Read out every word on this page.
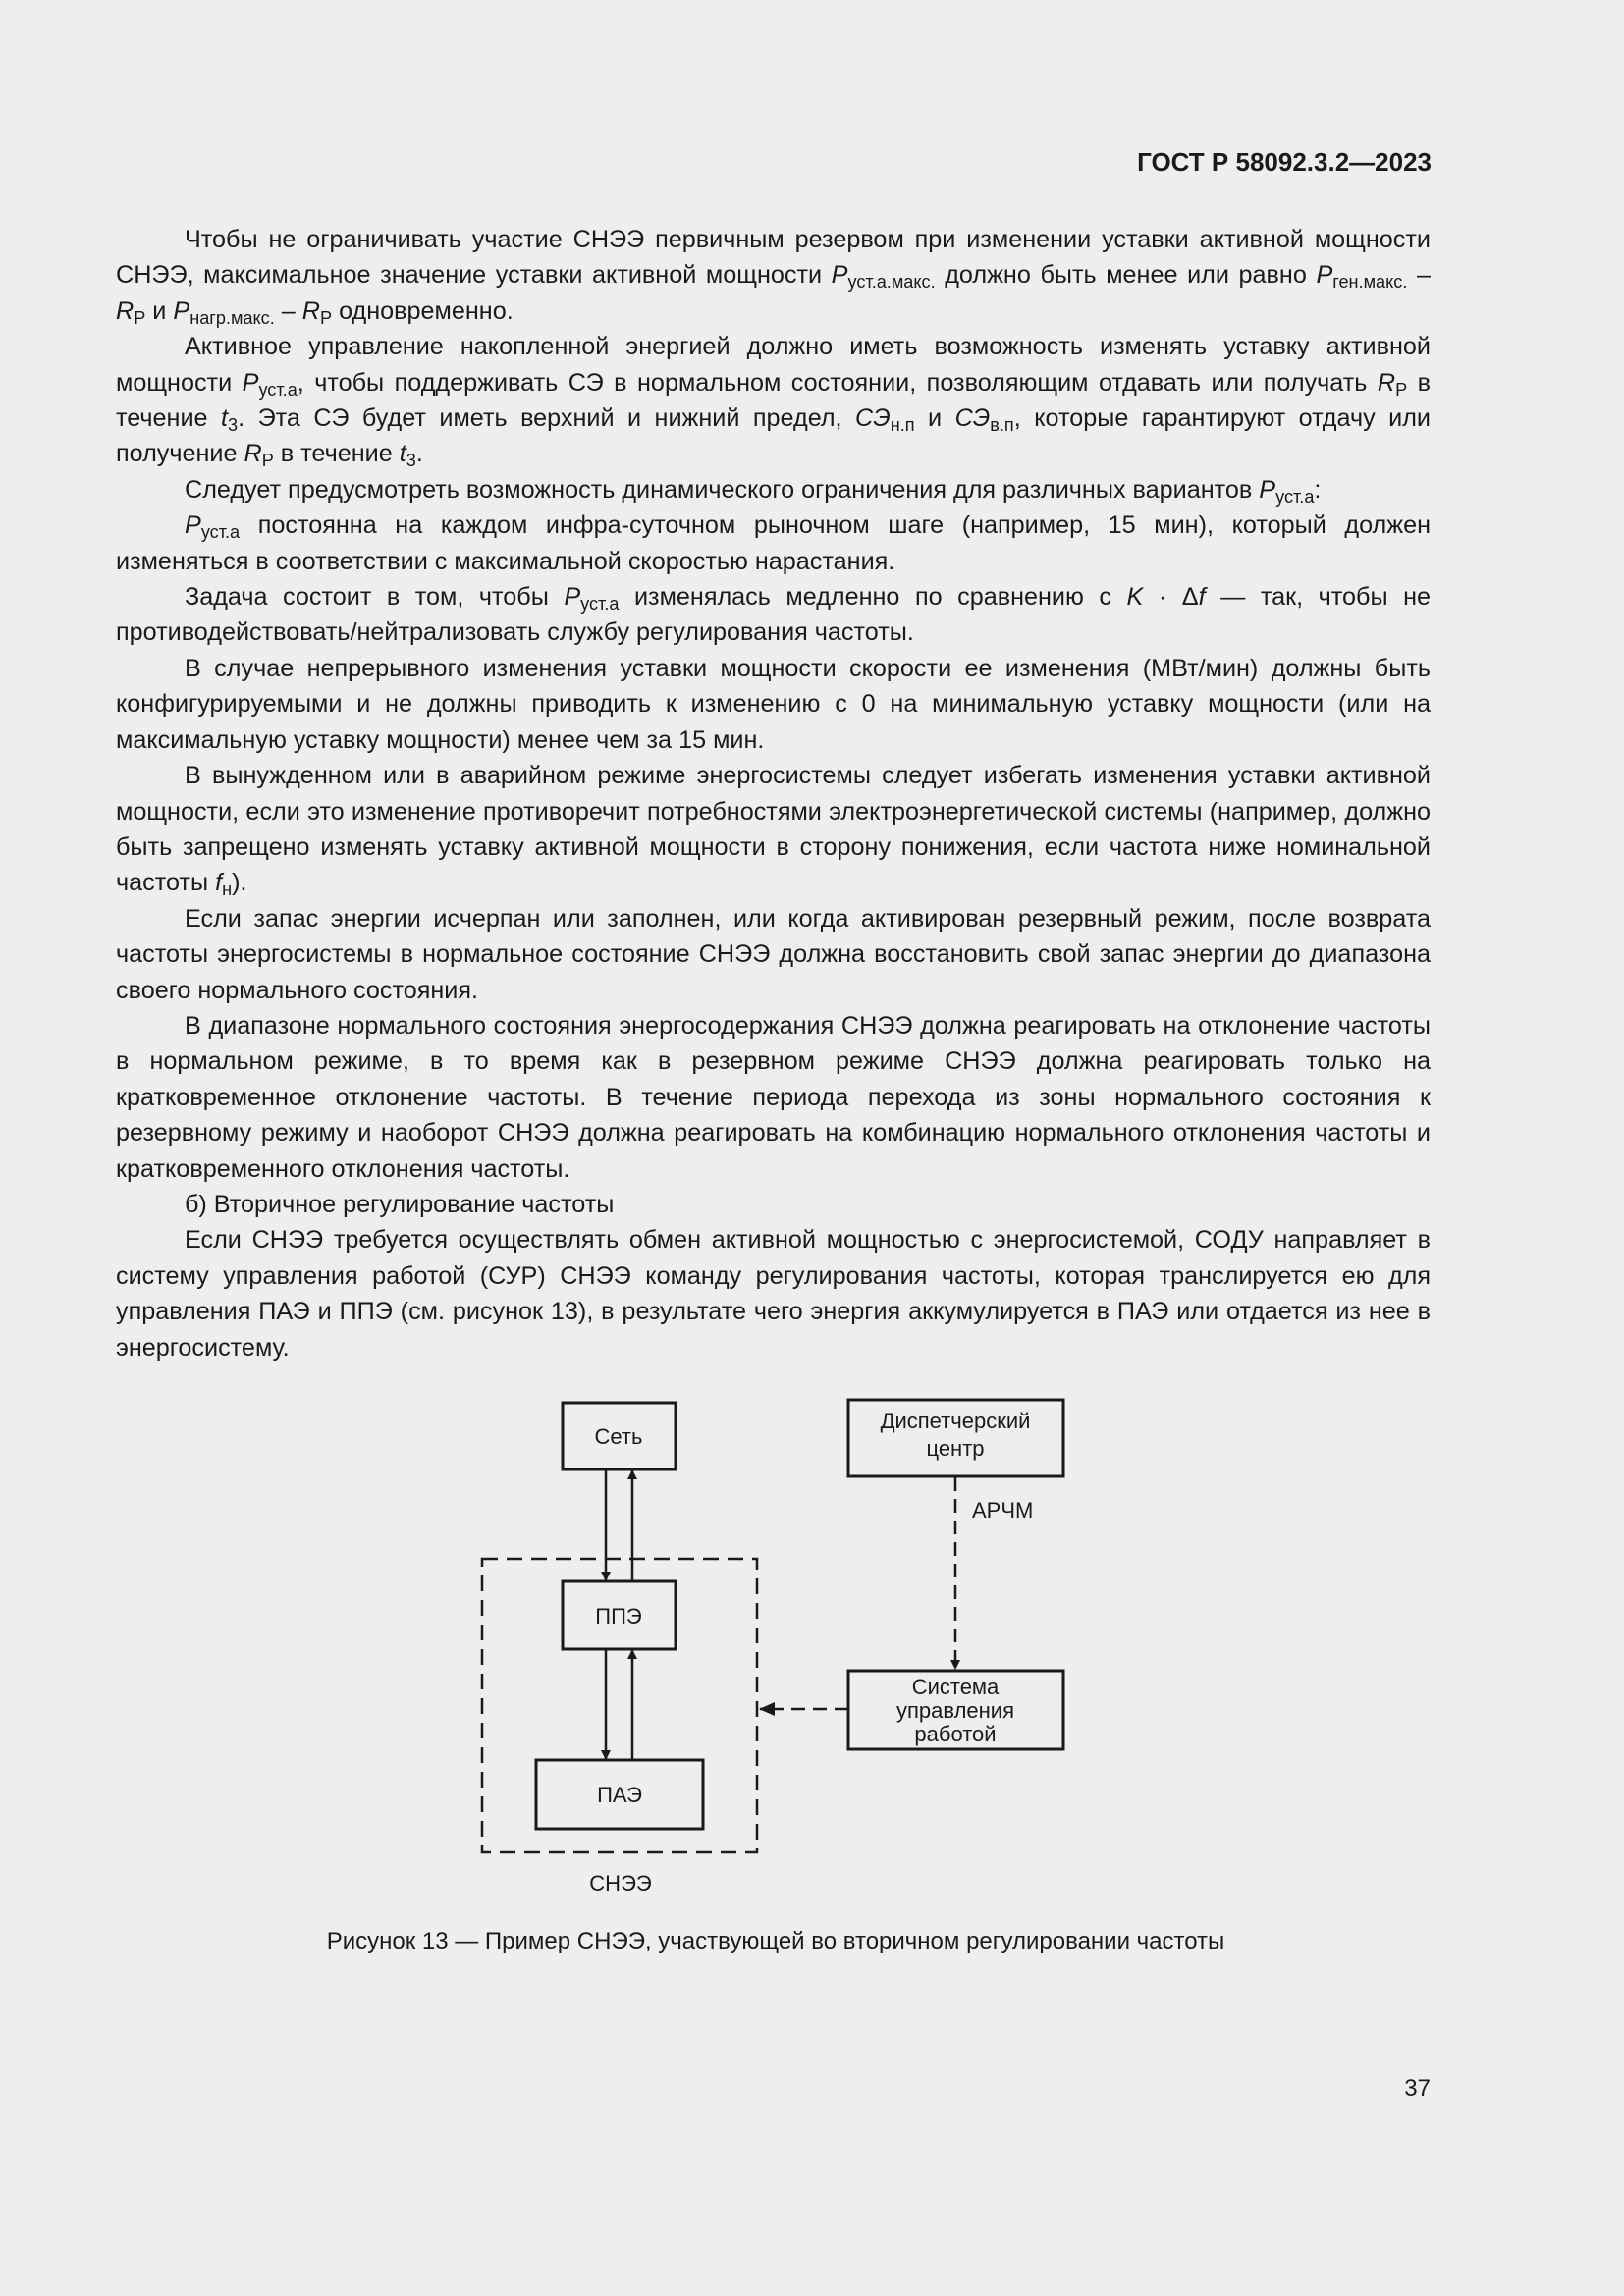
ГОСТ Р 58092.3.2—2023

Чтобы не ограничивать участие СНЭЭ первичным резервом при изменении уставки активной мощности СНЭЭ, максимальное значение уставки активной мощности $P_{уст.а.макс.}$ должно быть менее или равно $P_{ген.макс.} - R_P$ и $P_{нагр.макс.} - R_P$ одновременно.

Активное управление накопленной энергией должно иметь возможность изменять уставку активной мощности $P_{уст.а}$, чтобы поддерживать СЭ в нормальном состоянии, позволяющим отдавать или получать $R_P$ в течение $t_3$. Эта СЭ будет иметь верхний и нижний предел, $СЭ_{н.п}$ и $СЭ_{в.п}$, которые гарантируют отдачу или получение $R_P$ в течение $t_3$.

Следует предусмотреть возможность динамического ограничения для различных вариантов $P_{уст.а}$:

$P_{уст.а}$ постоянна на каждом инфра-суточном рыночном шаге (например, 15 мин), который должен изменяться в соответствии с максимальной скоростью нарастания.

Задача состоит в том, чтобы $P_{уст.а}$ изменялась медленно по сравнению с K · Δf — так, чтобы не противодействовать/нейтрализовать службу регулирования частоты.

В случае непрерывного изменения уставки мощности скорости ее изменения (МВт/мин) должны быть конфигурируемыми и не должны приводить к изменению с 0 на минимальную уставку мощности (или на максимальную уставку мощности) менее чем за 15 мин.

В вынужденном или в аварийном режиме энергосистемы следует избегать изменения уставки активной мощности, если это изменение противоречит потребностями электроэнергетической системы (например, должно быть запрещено изменять уставку активной мощности в сторону понижения, если частота ниже номинальной частоты $f_н$).

Если запас энергии исчерпан или заполнен, или когда активирован резервный режим, после возврата частоты энергосистемы в нормальное состояние СНЭЭ должна восстановить свой запас энергии до диапазона своего нормального состояния.

В диапазоне нормального состояния энергосодержания СНЭЭ должна реагировать на отклонение частоты в нормальном режиме, в то время как в резервном режиме СНЭЭ должна реагировать только на кратковременное отклонение частоты. В течение периода перехода из зоны нормального состояния к резервному режиму и наоборот СНЭЭ должна реагировать на комбинацию нормального отклонения частоты и кратковременного отклонения частоты.

б) Вторичное регулирование частоты

Если СНЭЭ требуется осуществлять обмен активной мощностью с энергосистемой, СОДУ направляет в систему управления работой (СУР) СНЭЭ команду регулирования частоты, которая транслируется ею для управления ПАЭ и ППЭ (см. рисунок 13), в результате чего энергия аккумулируется в ПАЭ или отдается из нее в энергосистему.

Сеть
Диспетчерский
центр
ППЭ
ПАЭ
Система
управления
работой
АРЧМ
СНЭЭ
Рисунок 13 — Пример СНЭЭ, участвующей во вторичном регулировании частоты
37
